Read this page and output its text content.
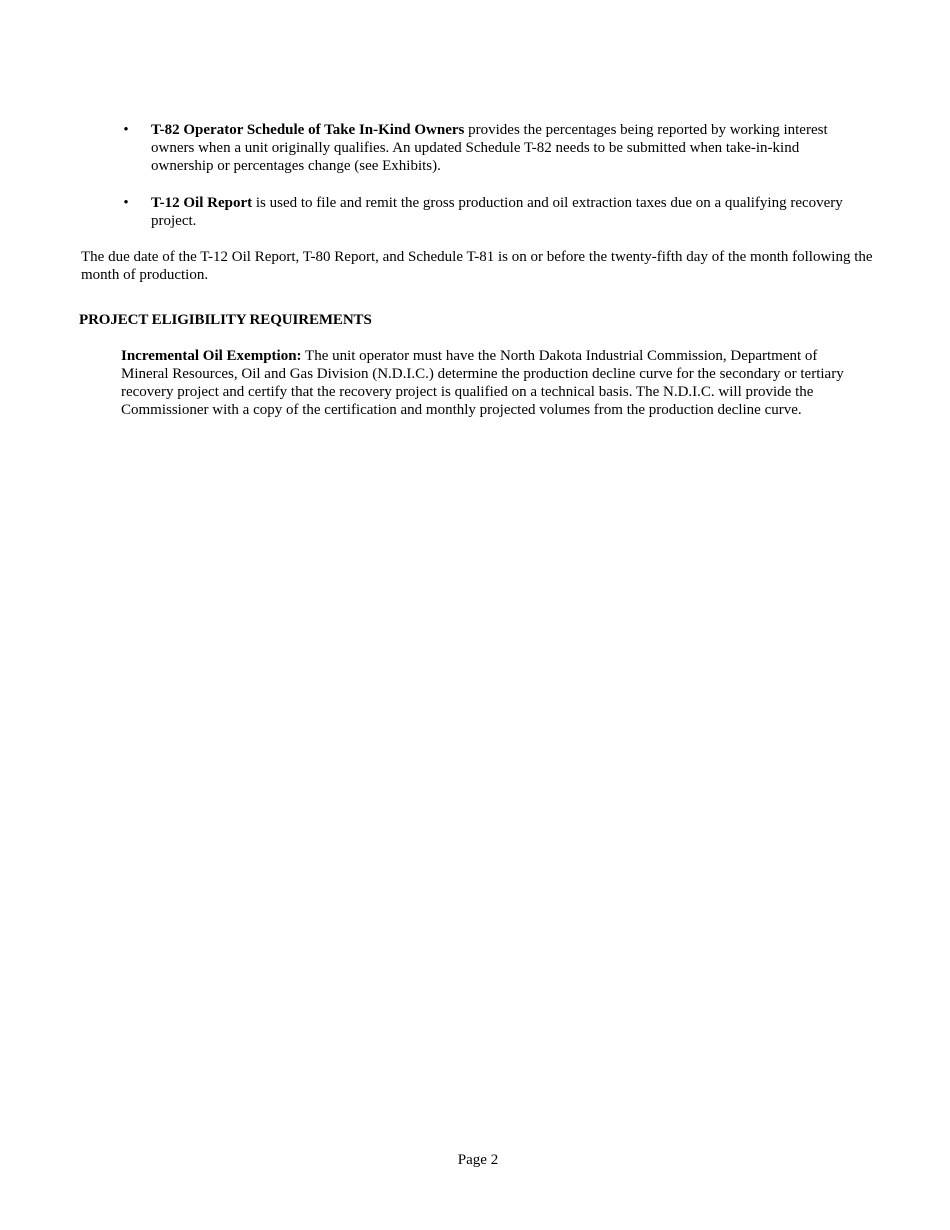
• T-82 Operator Schedule of Take In-Kind Owners provides the percentages being reported by working interest owners when a unit originally qualifies. An updated Schedule T-82 needs to be submitted when take-in-kind ownership or percentages change (see Exhibits).
• T-12 Oil Report is used to file and remit the gross production and oil extraction taxes due on a qualifying recovery project.

The due date of the T-12 Oil Report, T-80 Report, and Schedule T-81 is on or before the twenty-fifth day of the month following the month of production.

PROJECT ELIGIBILITY REQUIREMENTS

Incremental Oil Exemption: The unit operator must have the North Dakota Industrial Commission, Department of Mineral Resources, Oil and Gas Division (N.D.I.C.) determine the production decline curve for the secondary or tertiary recovery project and certify that the recovery project is qualified on a technical basis. The N.D.I.C. will provide the Commissioner with a copy of the certification and monthly projected volumes from the production decline curve.

Page 2
